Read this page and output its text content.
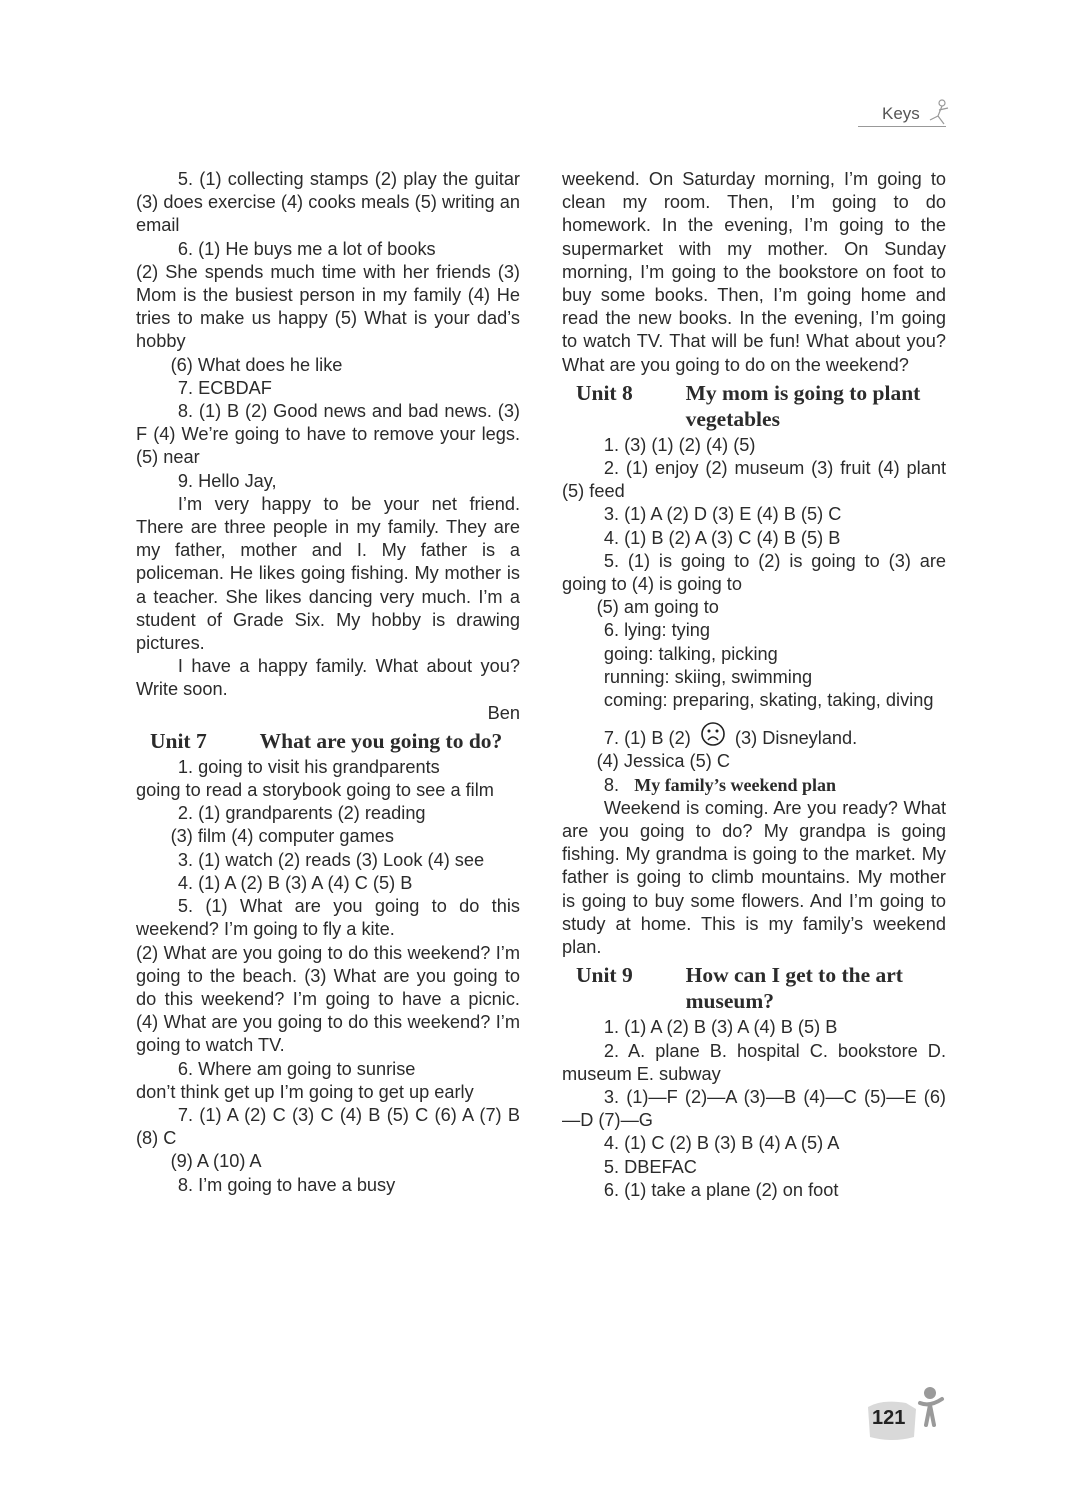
Keys

5. (1) collecting stamps (2) play the guitar (3) does exercise (4) cooks meals (5) writing an email

6. (1) He buys me a lot of books

(2) She spends much time with her friends (3) Mom is the busiest person in my family (4) He tries to make us happy (5) What is your dad’s hobby

(6) What does he like

7. ECBDAF

8. (1) B (2) Good news and bad news. (3) F (4) We’re going to have to remove your legs. (5) near

9. Hello Jay,

I’m very happy to be your net friend. There are three people in my family. They are my father, mother and I. My father is a policeman. He likes going fishing. My mother is a teacher. She likes dancing very much. I’m a student of Grade Six. My hobby is drawing pictures.

I have a happy family. What about you? Write soon.

Ben

Unit 7	What are you going to do?

1. going to visit his grandparents

going to read a storybook going to see a film

2. (1) grandparents (2) reading

(3) film (4) computer games

3. (1) watch (2) reads (3) Look (4) see

4. (1) A (2) B (3) A (4) C (5) B

5. (1) What are you going to do this weekend? I’m going to fly a kite.

(2) What are you going to do this weekend? I’m going to the beach. (3) What are you going to do this weekend? I’m going to have a picnic. (4) What are you going to do this weekend? I’m going to watch TV.

6. Where am going to sunrise

don’t think get up I’m going to get up early

7. (1) A (2) C (3) C (4) B (5) C (6) A (7) B (8) C

(9) A (10) A

8. I’m going to have a busy

weekend. On Saturday morning, I’m going to clean my room. Then, I’m going to do homework. In the evening, I’m going to the supermarket with my mother. On Sunday morning, I’m going to the bookstore on foot to buy some books. Then, I’m going home and read the new books. In the evening, I’m going to watch TV. That will be fun! What about you? What are you going to do on the weekend?

Unit 8	My mom is going to plant vegetables

1. (3) (1) (2) (4) (5)

2. (1) enjoy (2) museum (3) fruit (4) plant (5) feed

3. (1) A (2) D (3) E (4) B (5) C

4. (1) B (2) A (3) C (4) B (5) B

5. (1) is going to (2) is going to (3) are going to (4) is going to

(5) am going to

6. lying: tying

going: talking, picking

running: skiing, swimming

coming: preparing, skating, taking, diving

7. (1) B (2) (3) Disneyland.

(4) Jessica (5) C

8. My family’s weekend plan

Weekend is coming. Are you ready? What are you going to do? My grandpa is going fishing. My grandma is going to the market. My father is going to climb mountains. My mother is going to buy some flowers. And I’m going to study at home. This is my family’s weekend plan.

Unit 9	How can I get to the art museum?

1. (1) A (2) B (3) A (4) B (5) B

2. A. plane B. hospital C. bookstore D. museum E. subway

3. (1)—F (2)—A (3)—B (4)—C (5)—E (6)—D (7)—G

4. (1) C (2) B (3) B (4) A (5) A

5. DBEFAC

6. (1) take a plane (2) on foot

121
